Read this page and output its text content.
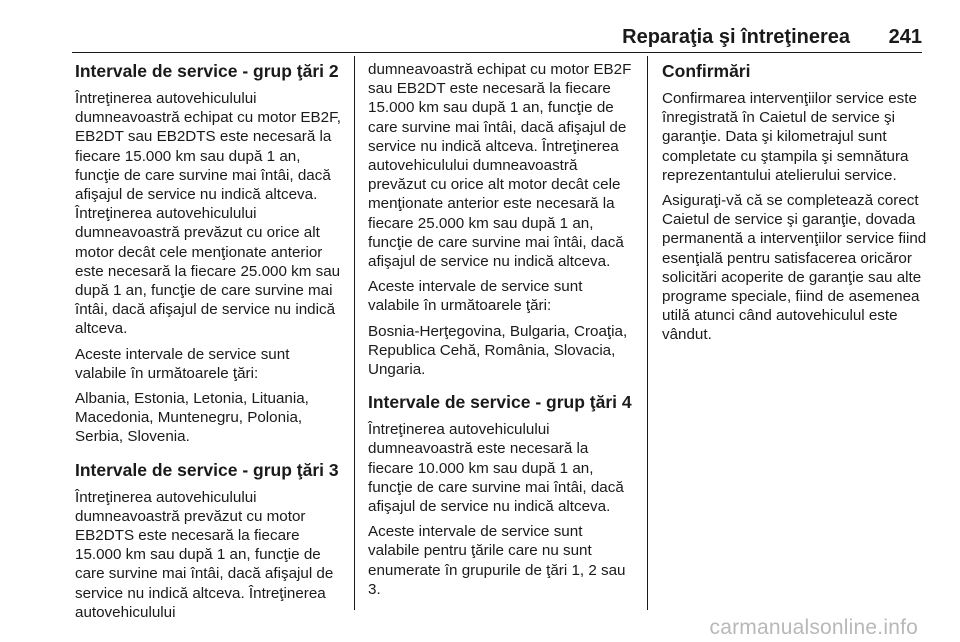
Reparaţia şi întreţinerea 241
Intervale de service - grup ţări 2

Întreţinerea autovehiculului dumneavoastră echipat cu motor EB2F, EB2DT sau EB2DTS este necesară la fiecare 15.000 km sau după 1 an, funcţie de care survine mai întâi, dacă afişajul de service nu indică altceva. Întreţinerea autovehiculului dumneavoastră prevăzut cu orice alt motor decât cele menţionate anterior este necesară la fiecare 25.000 km sau după 1 an, funcţie de care survine mai întâi, dacă afişajul de service nu indică altceva.

Aceste intervale de service sunt valabile în următoarele ţări:

Albania, Estonia, Letonia, Lituania, Macedonia, Muntenegru, Polonia, Serbia, Slovenia.

Intervale de service - grup ţări 3

Întreţinerea autovehiculului dumneavoastră prevăzut cu motor EB2DTS este necesară la fiecare 15.000 km sau după 1 an, funcţie de care survine mai întâi, dacă afişajul de service nu indică altceva. Întreţinerea autovehiculului

dumneavoastră echipat cu motor EB2F sau EB2DT este necesară la fiecare 15.000 km sau după 1 an, funcţie de care survine mai întâi, dacă afişajul de service nu indică altceva. Întreţinerea autovehiculului dumneavoastră prevăzut cu orice alt motor decât cele menţionate anterior este necesară la fiecare 25.000 km sau după 1 an, funcţie de care survine mai întâi, dacă afişajul de service nu indică altceva.

Aceste intervale de service sunt valabile în următoarele ţări:

Bosnia-Herţegovina, Bulgaria, Croaţia, Republica Cehă, România, Slovacia, Ungaria.

Intervale de service - grup ţări 4

Întreţinerea autovehiculului dumneavoastră este necesară la fiecare 10.000 km sau după 1 an, funcţie de care survine mai întâi, dacă afişajul de service nu indică altceva.

Aceste intervale de service sunt valabile pentru ţările care nu sunt enumerate în grupurile de ţări 1, 2 sau 3.

Confirmări

Confirmarea intervenţiilor service este înregistrată în Caietul de service şi garanţie. Data şi kilometrajul sunt completate cu ştampila şi semnătura reprezentantului atelierului service.

Asiguraţi-vă că se completează corect Caietul de service şi garanţie, dovada permanentă a intervenţiilor service fiind esenţială pentru satisfacerea oricăror solicitări acoperite de garanţie sau alte programe speciale, fiind de asemenea utilă atunci când autovehiculul este vândut.

carmanualsonline.info
